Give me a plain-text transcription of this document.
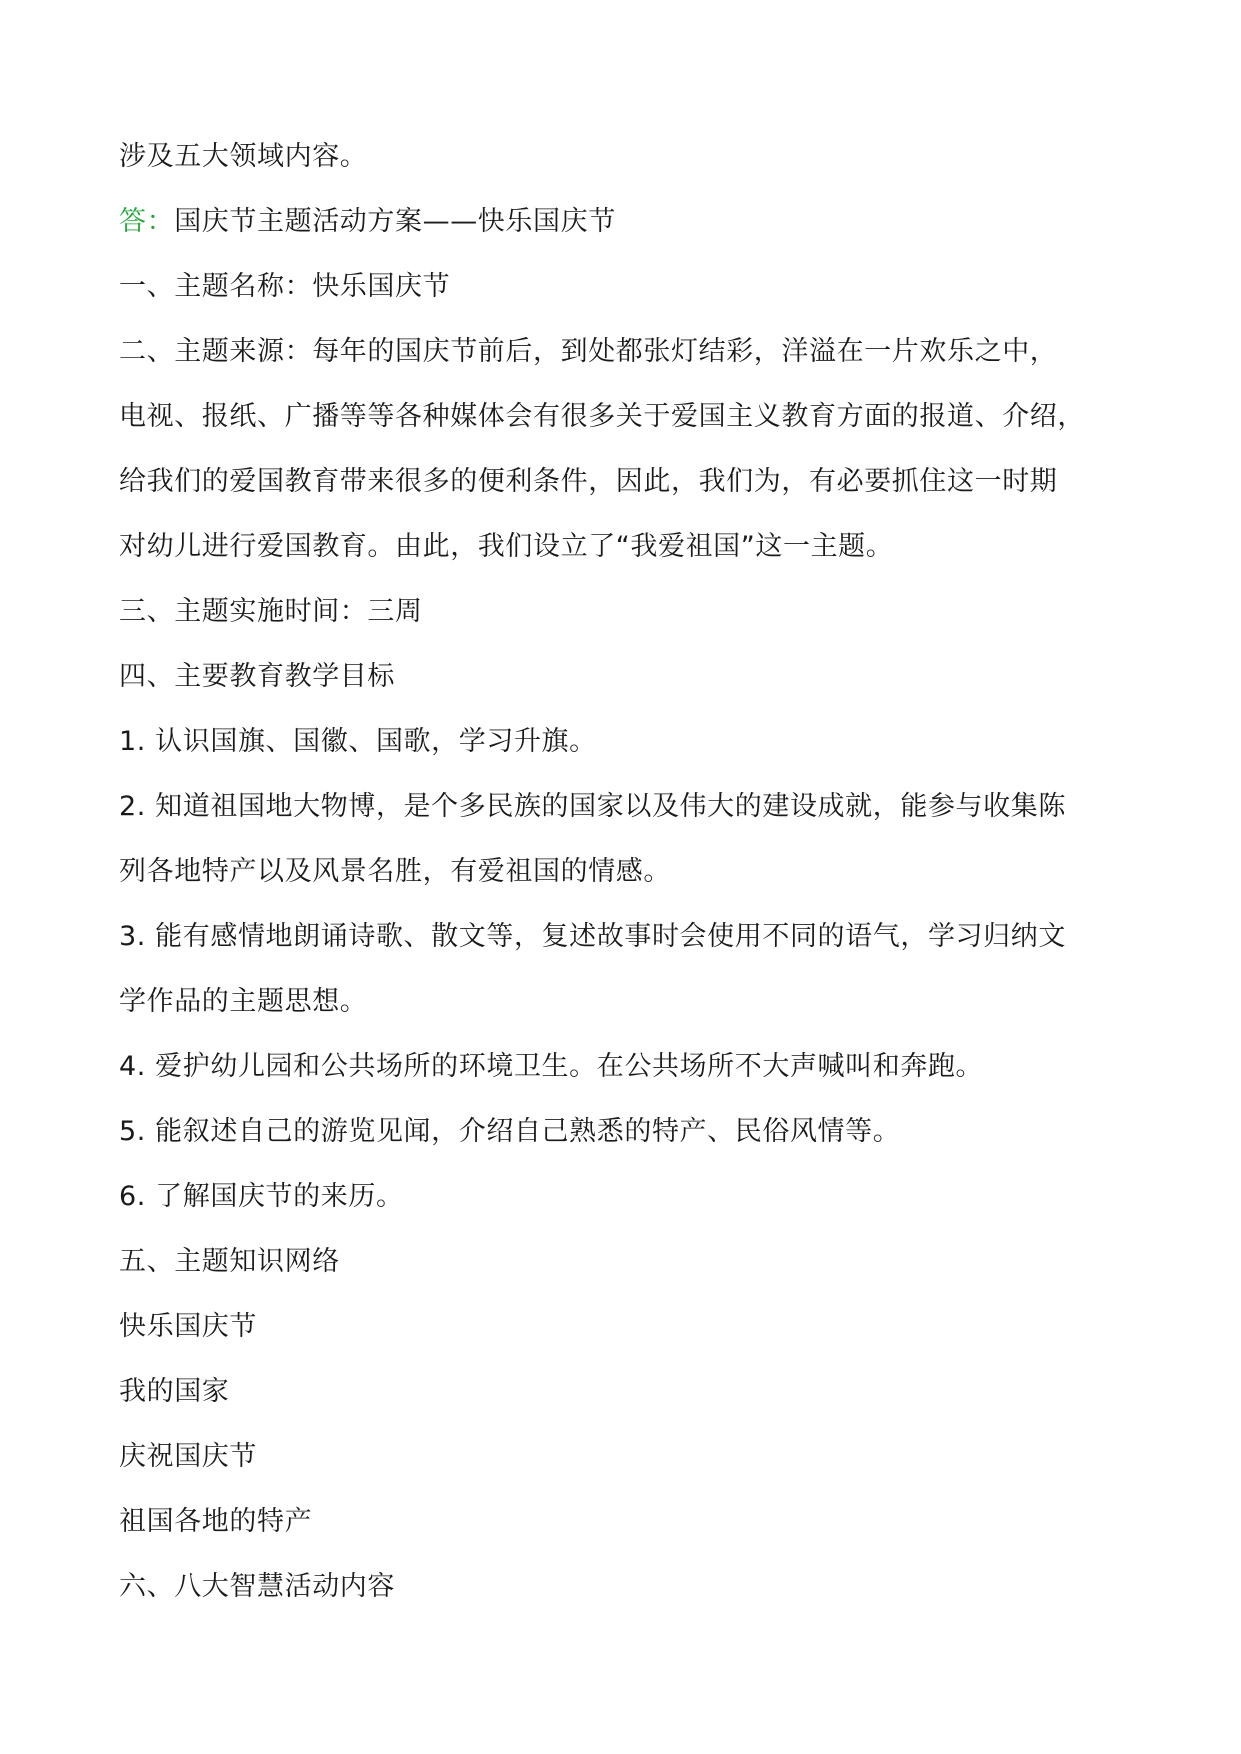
涉及五大领域内容。
答：国庆节主题活动方案——快乐国庆节
一、主题名称：快乐国庆节
二、主题来源：每年的国庆节前后，到处都张灯结彩，洋溢在一片欢乐之中，
电视、报纸、广播等等各种媒体会有很多关于爱国主义教育方面的报道、介绍，
给我们的爱国教育带来很多的便利条件，因此，我们为，有必要抓住这一时期
对幼儿进行爱国教育。由此，我们设立了“我爱祖国”这一主题。
三、主题实施时间：三周
四、主要教育教学目标
1. 认识国旗、国徽、国歌，学习升旗。
2. 知道祖国地大物博，是个多民族的国家以及伟大的建设成就，能参与收集陈
列各地特产以及风景名胜，有爱祖国的情感。
3. 能有感情地朗诵诗歌、散文等，复述故事时会使用不同的语气，学习归纳文
学作品的主题思想。
4. 爱护幼儿园和公共场所的环境卫生。在公共场所不大声喊叫和奔跑。
5. 能叙述自己的游览见闻，介绍自己熟悉的特产、民俗风情等。
6. 了解国庆节的来历。
五、主题知识网络
快乐国庆节
我的国家
庆祝国庆节
祖国各地的特产
六、八大智慧活动内容
